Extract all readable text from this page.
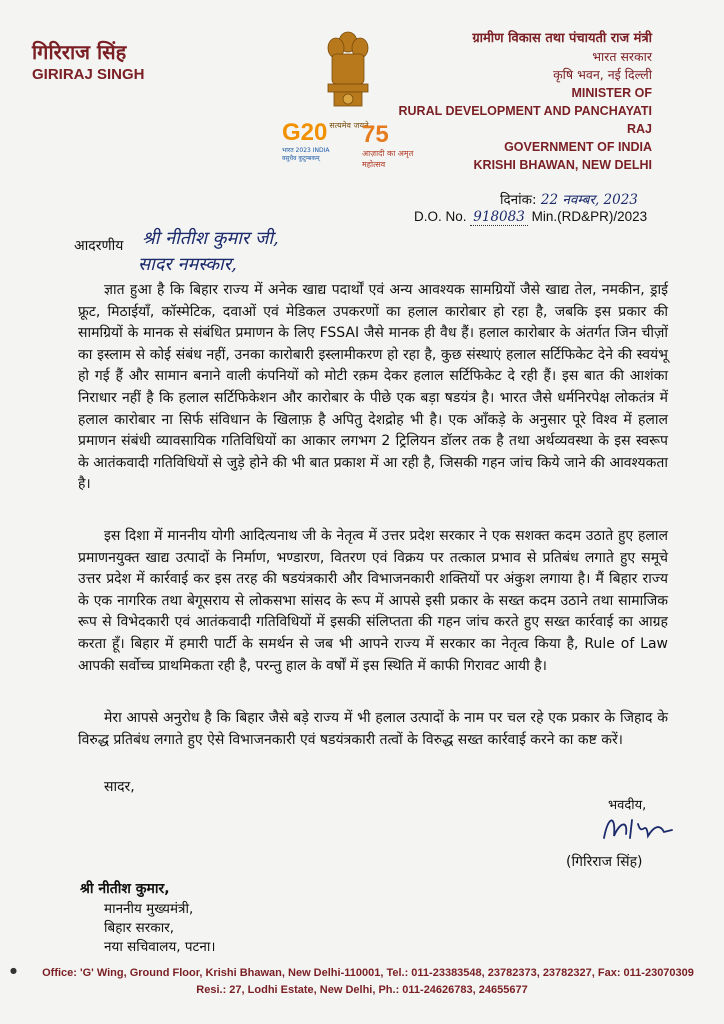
गिरिराज सिंह
GIRIRAJ SINGH
ग्रामीण विकास तथा पंचायती राज मंत्री
भारत सरकार
कृषि भवन, नई दिल्ली
MINISTER OF
RURAL DEVELOPMENT AND PANCHAYATI RAJ
GOVERNMENT OF INDIA
KRISHI BHAWAN, NEW DELHI
सत्यमेव जयते
G20
भारत 2023 INDIA
वसुधैव कुटुम्बकम्
75
आज़ादी का अमृत महोत्सव
दिनांक: 22 नवम्बर, 2023
D.O. No. 918083 Min.(RD&PR)/2023
आदरणीय श्री नीतीश कुमार जी,
सादर नमस्कार,
ज्ञात हुआ है कि बिहार राज्य में अनेक खाद्य पदार्थों एवं अन्य आवश्यक सामग्रियों जैसे खाद्य तेल, नमकीन, ड्राई फ्रूट, मिठाईयाँ, कॉस्मेटिक, दवाओं एवं मेडिकल उपकरणों का हलाल कारोबार हो रहा है, जबकि इस प्रकार की सामग्रियों के मानक से संबंधित प्रमाणन के लिए FSSAI जैसे मानक ही वैध हैं। हलाल कारोबार के अंतर्गत जिन चीज़ों का इस्लाम से कोई संबंध नहीं, उनका कारोबारी इस्लामीकरण हो रहा है, कुछ संस्थाएं हलाल सर्टिफिकेट देने की स्वयंभू हो गई हैं और सामान बनाने वाली कंपनियों को मोटी रक़म देकर हलाल सर्टिफिकेट दे रही हैं। इस बात की आशंका निराधार नहीं है कि हलाल सर्टिफिकेशन और कारोबार के पीछे एक बड़ा षडयंत्र है। भारत जैसे धर्मनिरपेक्ष लोकतंत्र में हलाल कारोबार ना सिर्फ संविधान के खिलाफ़ है अपितु देशद्रोह भी है। एक आँकड़े के अनुसार पूरे विश्व में हलाल प्रमाणन संबंधी व्यावसायिक गतिविधियों का आकार लगभग 2 ट्रिलियन डॉलर तक है तथा अर्थव्यवस्था के इस स्वरूप के आतंकवादी गतिविधियों से जुड़े होने की भी बात प्रकाश में आ रही है, जिसकी गहन जांच किये जाने की आवश्यकता है।
इस दिशा में माननीय योगी आदित्यनाथ जी के नेतृत्व में उत्तर प्रदेश सरकार ने एक सशक्त कदम उठाते हुए हलाल प्रमाणनयुक्त खाद्य उत्पादों के निर्माण, भण्डारण, वितरण एवं विक्रय पर तत्काल प्रभाव से प्रतिबंध लगाते हुए समूचे उत्तर प्रदेश में कार्रवाई कर इस तरह की षडयंत्रकारी और विभाजनकारी शक्तियों पर अंकुश लगाया है। मैं बिहार राज्य के एक नागरिक तथा बेगूसराय से लोकसभा सांसद के रूप में आपसे इसी प्रकार के सख्त कदम उठाने तथा सामाजिक रूप से विभेदकारी एवं आतंकवादी गतिविधियों में इसकी संलिप्तता की गहन जांच करते हुए सख्त कार्रवाई का आग्रह करता हूँ। बिहार में हमारी पार्टी के समर्थन से जब भी आपने राज्य में सरकार का नेतृत्व किया है, Rule of Law आपकी सर्वोच्च प्राथमिकता रही है, परन्तु हाल के वर्षों में इस स्थिति में काफी गिरावट आयी है।
मेरा आपसे अनुरोध है कि बिहार जैसे बड़े राज्य में भी हलाल उत्पादों के नाम पर चल रहे एक प्रकार के जिहाद के विरुद्ध प्रतिबंध लगाते हुए ऐसे विभाजनकारी एवं षडयंत्रकारी तत्वों के विरुद्ध सख्त कार्रवाई करने का कष्ट करें।
सादर,
भवदीय,
(गिरिराज सिंह)
श्री नीतीश कुमार,
माननीय मुख्यमंत्री,
बिहार सरकार,
नया सचिवालय, पटना।
●	Office: 'G' Wing, Ground Floor, Krishi Bhawan, New Delhi-110001, Tel.: 011-23383548, 23782373, 23782327, Fax: 011-23070309
Resi.: 27, Lodhi Estate, New Delhi, Ph.: 011-24626783, 24655677
